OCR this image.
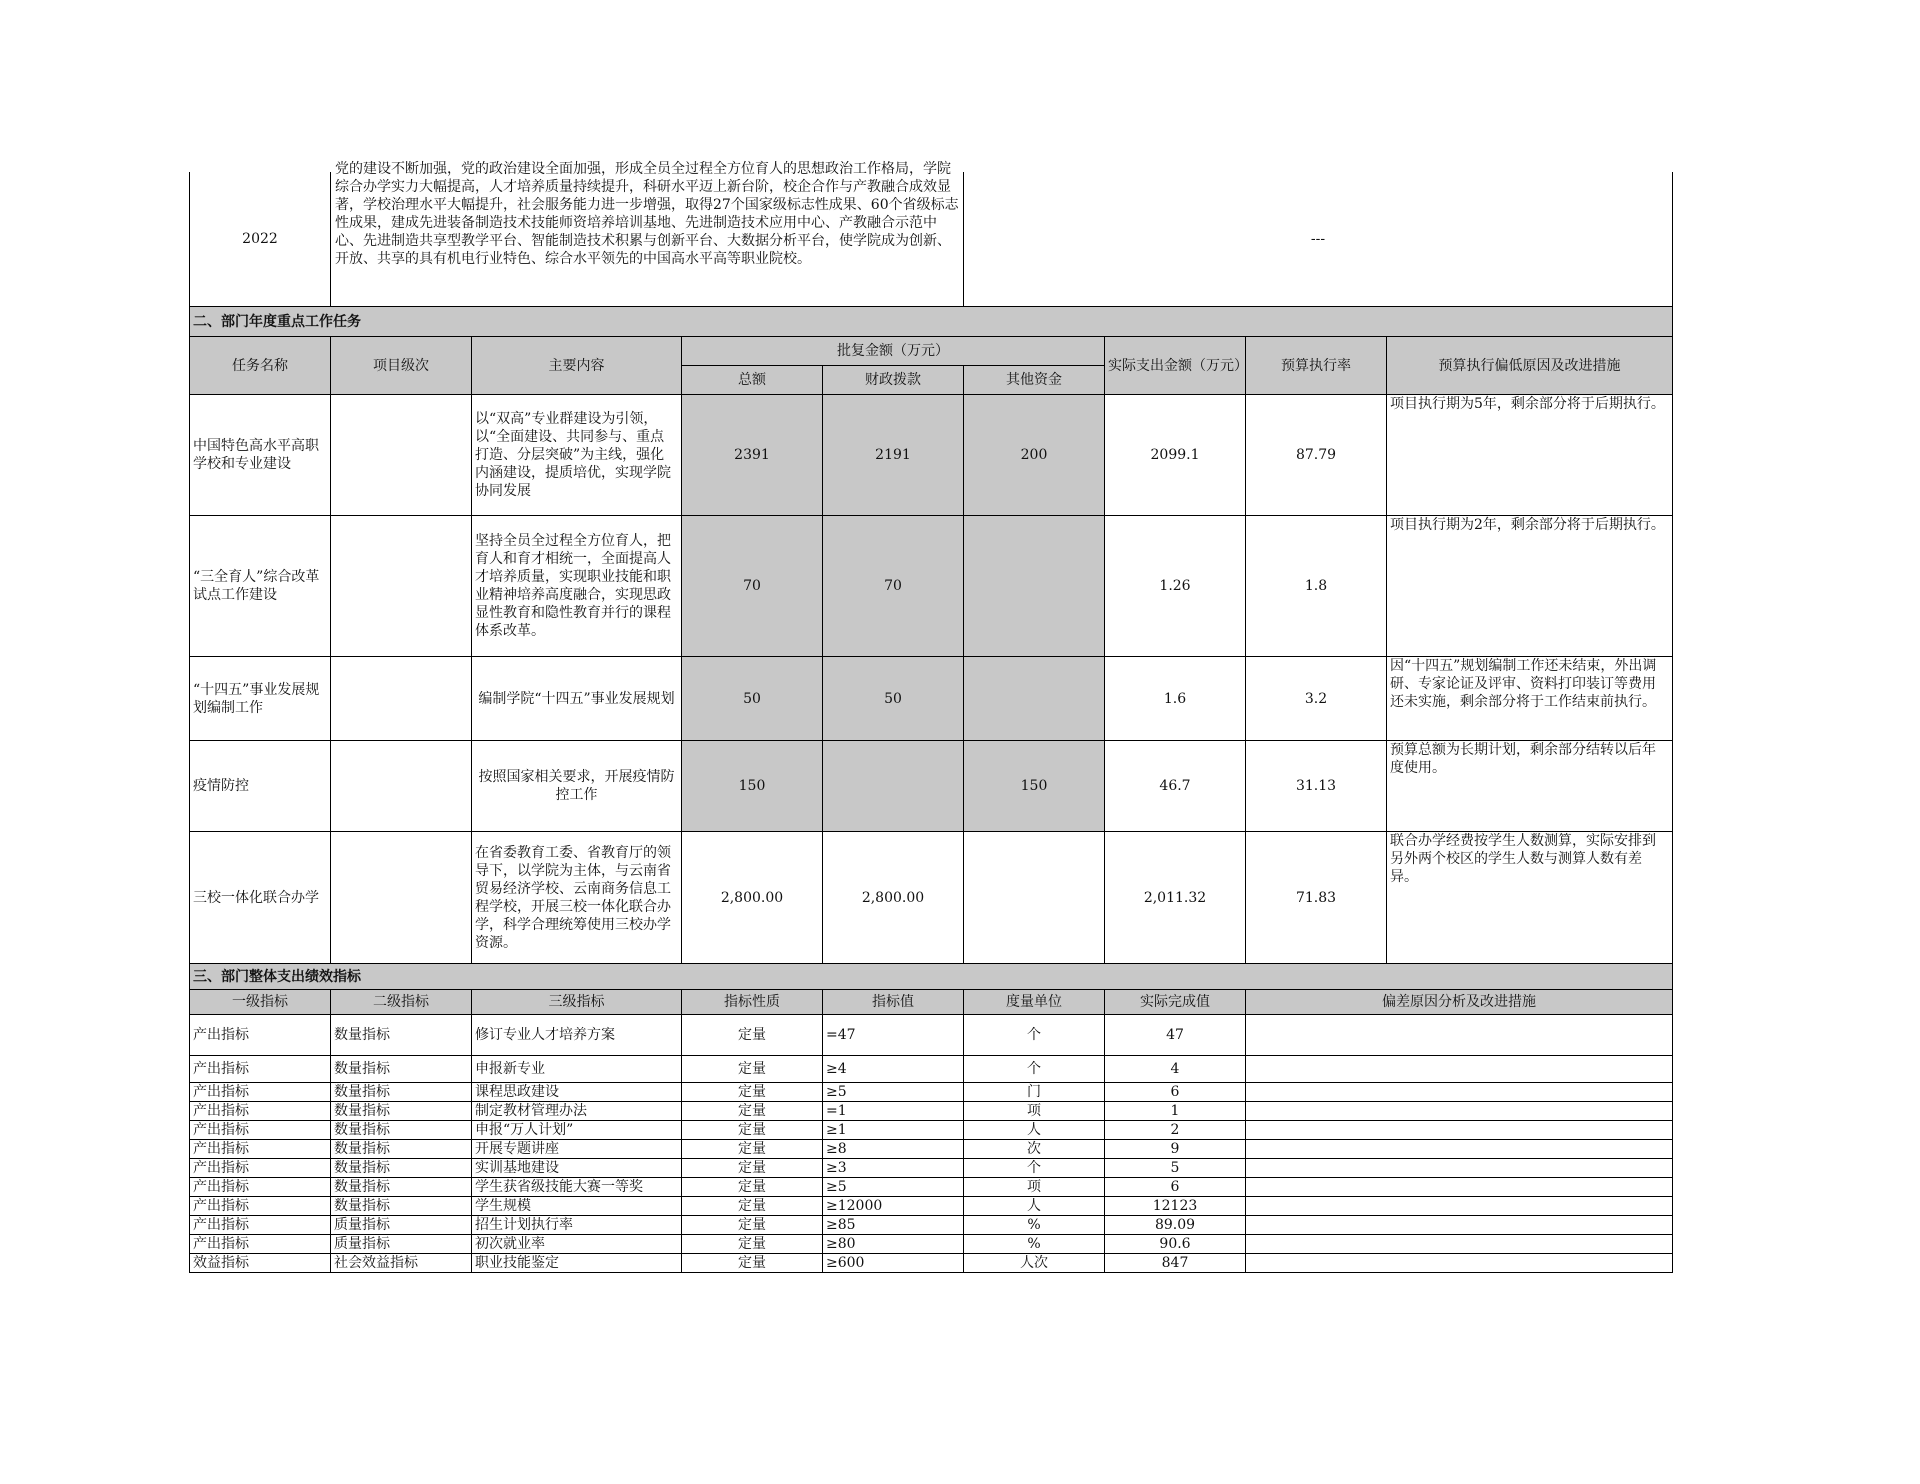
2022	党的建设不断加强，党的政治建设全面加强，形成全员全过程全方位育人的思想政治工作格局，学院综合办学实力大幅提高，人才培养质量持续提升，科研水平迈上新台阶，校企合作与产教融合成效显著，学校治理水平大幅提升，社会服务能力进一步增强，取得27个国家级标志性成果、60个省级标志性成果，建成先进装备制造技术技能师资培养培训基地、先进制造技术应用中心、产教融合示范中心、先进制造共享型教学平台、智能制造技术积累与创新平台、大数据分析平台，使学院成为创新、开放、共享的具有机电行业特色、综合水平领先的中国高水平高等职业院校。				---			
二、部门年度重点工作任务								
任务名称	项目级次	主要内容	批复金额（万元）			实际支出金额（万元）	预算执行率	预算执行偏低原因及改进措施
			总额	财政拨款	其他资金			
中国特色高水平高职学校和专业建设		以“双高”专业群建设为引领，以“全面建设、共同参与、重点打造、分层突破”为主线，强化内涵建设，提质培优，实现学院协同发展	2391	2191	200	2099.1	87.79	项目执行期为5年，剩余部分将于后期执行。
“三全育人”综合改革试点工作建设		坚持全员全过程全方位育人，把育人和育才相统一，全面提高人才培养质量，实现职业技能和职业精神培养高度融合，实现思政显性教育和隐性教育并行的课程体系改革。	70	70		1.26	1.8	项目执行期为2年，剩余部分将于后期执行。
“十四五”事业发展规划编制工作		编制学院“十四五”事业发展规划	50	50		1.6	3.2	因“十四五”规划编制工作还未结束，外出调研、专家论证及评审、资料打印装订等费用还未实施，剩余部分将于工作结束前执行。
疫情防控		按照国家相关要求，开展疫情防控工作	150		150	46.7	31.13	预算总额为长期计划，剩余部分结转以后年度使用。
三校一体化联合办学		在省委教育工委、省教育厅的领导下，以学院为主体，与云南省贸易经济学校、云南商务信息工程学校，开展三校一体化联合办学，科学合理统筹使用三校办学资源。	2,800.00	2,800.00		2,011.32	71.83	联合办学经费按学生人数测算，实际安排到另外两个校区的学生人数与测算人数有差异。
三、部门整体支出绩效指标								
一级指标	二级指标	三级指标	指标性质	指标值	度量单位	实际完成值	偏差原因分析及改进措施	
产出指标	数量指标	修订专业人才培养方案	定量	=47	个	47		
产出指标	数量指标	申报新专业	定量	≥4	个	4		
产出指标	数量指标	课程思政建设	定量	≥5	门	6		
产出指标	数量指标	制定教材管理办法	定量	=1	项	1		
产出指标	数量指标	申报“万人计划”	定量	≥1	人	2		
产出指标	数量指标	开展专题讲座	定量	≥8	次	9		
产出指标	数量指标	实训基地建设	定量	≥3	个	5		
产出指标	数量指标	学生获省级技能大赛一等奖	定量	≥5	项	6		
产出指标	数量指标	学生规模	定量	≥12000	人	12123		
产出指标	质量指标	招生计划执行率	定量	≥85	%	89.09		
产出指标	质量指标	初次就业率	定量	≥80	%	90.6		
效益指标	社会效益指标	职业技能鉴定	定量	≥600	人次	847		
